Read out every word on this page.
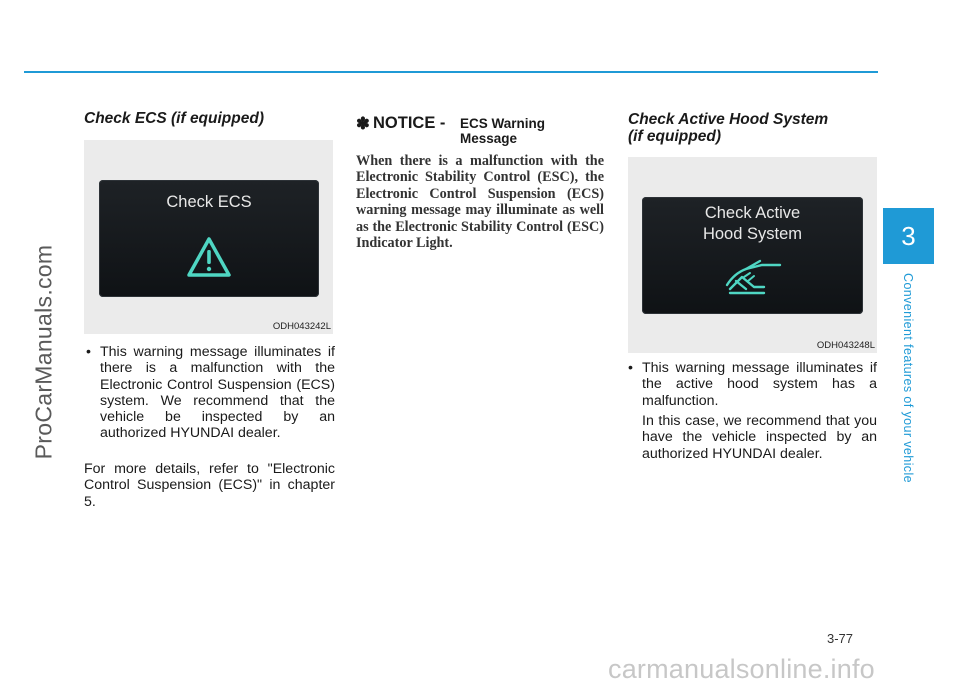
ProCarManuals.com
3
Convenient features of your vehicle

Check ECS (if equipped)

Check ECS
ODH043242L
• This warning message illuminates if there is a malfunction with the Electronic Control Suspension (ECS) system. We recommend that the vehicle be inspected by an authorized HYUNDAI dealer.

For more details, refer to "Electronic Control Suspension (ECS)" in chapter 5.

✽ NOTICE - ECS Warning
Message

When there is a malfunction with the Electronic Stability Control (ESC), the Electronic Control Suspension (ECS) warning message may illuminate as well as the Electronic Stability Control (ESC) Indicator Light.

Check Active Hood System

(if equipped)

Check Active
Hood System
ODH043248L
• This warning message illuminates if the active hood system has a malfunction.

In this case, we recommend that you have the vehicle inspected by an authorized HYUNDAI dealer.

3-77
carmanualsonline.info
